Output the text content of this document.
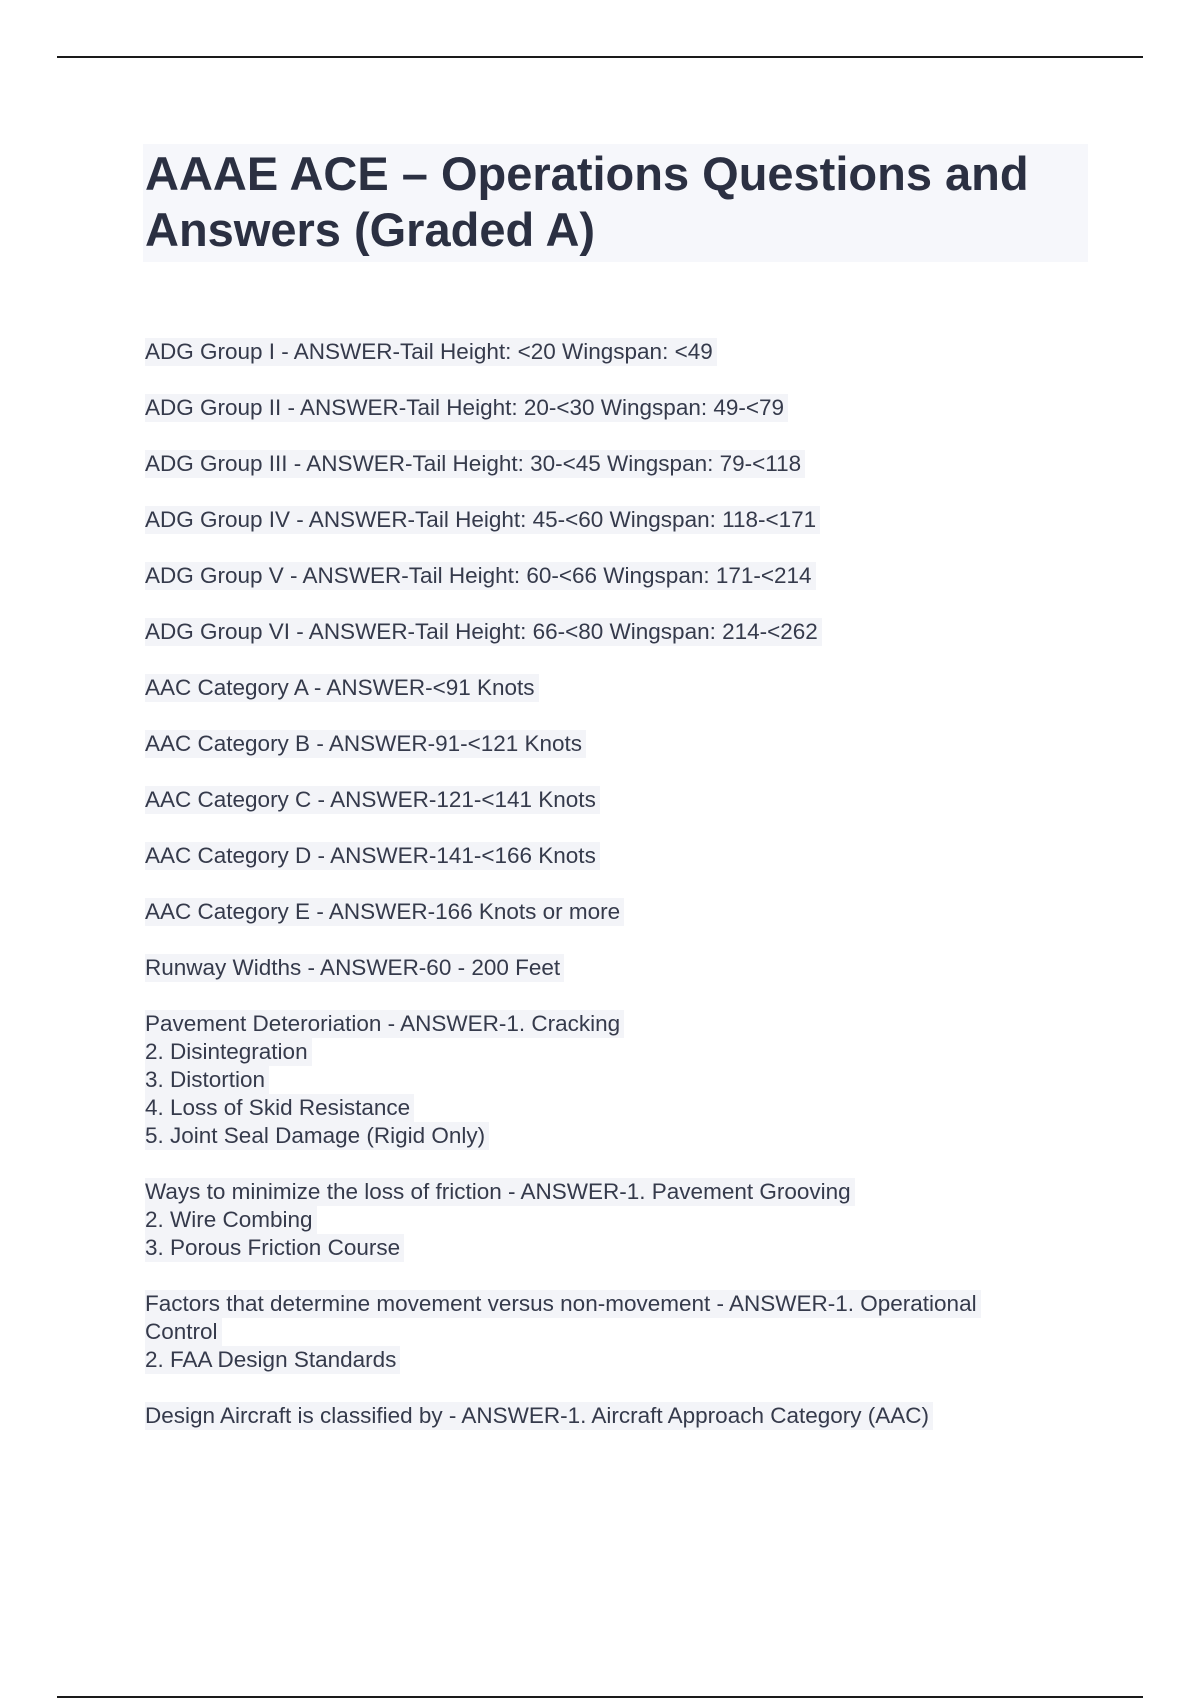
AAAE ACE – Operations Questions and Answers (Graded A)
ADG Group I - ANSWER-Tail Height: <20 Wingspan: <49
ADG Group II - ANSWER-Tail Height: 20-<30 Wingspan: 49-<79
ADG Group III - ANSWER-Tail Height: 30-<45 Wingspan: 79-<118
ADG Group IV - ANSWER-Tail Height: 45-<60 Wingspan: 118-<171
ADG Group V - ANSWER-Tail Height: 60-<66 Wingspan: 171-<214
ADG Group VI - ANSWER-Tail Height: 66-<80 Wingspan: 214-<262
AAC Category A - ANSWER-<91 Knots
AAC Category B - ANSWER-91-<121 Knots
AAC Category C - ANSWER-121-<141 Knots
AAC Category D - ANSWER-141-<166 Knots
AAC Category E - ANSWER-166 Knots or more
Runway Widths - ANSWER-60 - 200 Feet
Pavement Deteroriation - ANSWER-1. Cracking
2. Disintegration
3. Distortion
4. Loss of Skid Resistance
5. Joint Seal Damage (Rigid Only)
Ways to minimize the loss of friction - ANSWER-1. Pavement Grooving
2. Wire Combing
3. Porous Friction Course
Factors that determine movement versus non-movement - ANSWER-1. Operational
Control
2. FAA Design Standards
Design Aircraft is classified by - ANSWER-1. Aircraft Approach Category (AAC)
